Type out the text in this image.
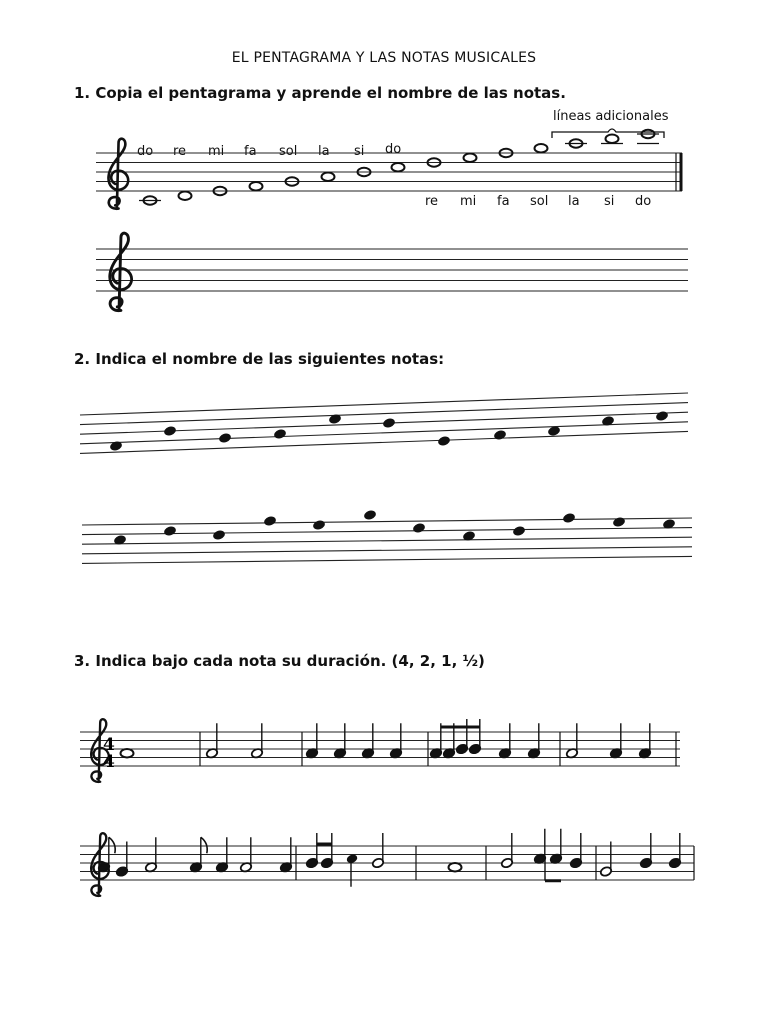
EL PENTAGRAMA Y LAS NOTAS MUSICALES
1. Copia el pentagrama y aprende el nombre de las notas.
2. Indica el nombre de las siguientes notas:
3. Indica bajo cada nota su duración. (4, 2, 1, ½)
líneas adicionales
do re mi fa sol la si do
re mi fa sol la si do
4
4
